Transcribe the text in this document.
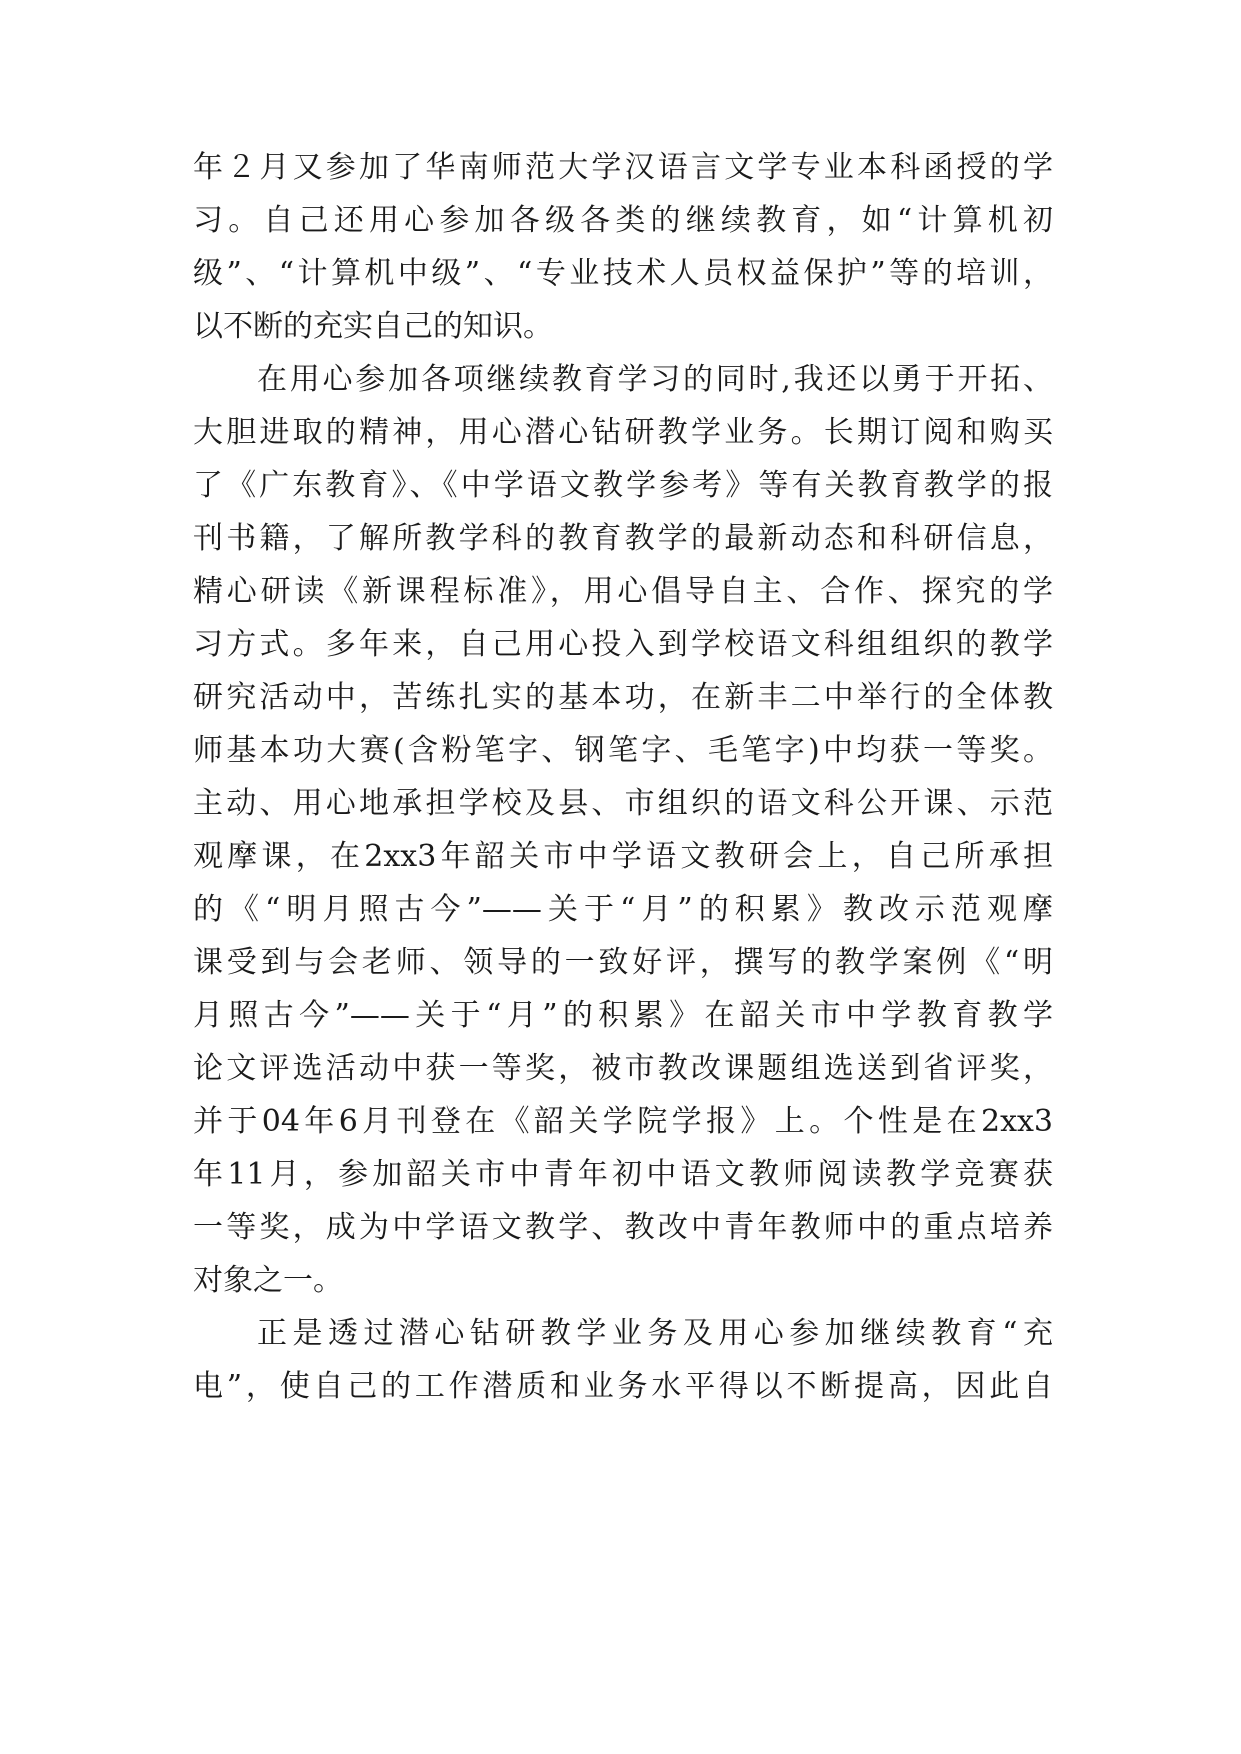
年２月又参加了华南师范大学汉语言文学专业本科函授的学
习。自己还用心参加各级各类的继续教育，如“计算机初
级”、“计算机中级”、“专业技术人员权益保护”等的培训，
以不断的充实自己的知识。
在用心参加各项继续教育学习的同时,我还以勇于开拓、
大胆进取的精神，用心潜心钻研教学业务。长期订阅和购买
了《广东教育》、《中学语文教学参考》等有关教育教学的报
刊书籍，了解所教学科的教育教学的最新动态和科研信息，
精心研读《新课程标准》，用心倡导自主、合作、探究的学
习方式。多年来，自己用心投入到学校语文科组组织的教学
研究活动中，苦练扎实的基本功，在新丰二中举行的全体教
师基本功大赛(含粉笔字、钢笔字、毛笔字)中均获一等奖。
主动、用心地承担学校及县、市组织的语文科公开课、示范
观摩课，在2xx3年韶关市中学语文教研会上，自己所承担
的《“明月照古今”——关于“月”的积累》教改示范观摩
课受到与会老师、领导的一致好评，撰写的教学案例《“明
月照古今”——关于“月”的积累》在韶关市中学教育教学
论文评选活动中获一等奖，被市教改课题组选送到省评奖，
并于04年6月刊登在《韶关学院学报》上。个性是在2xx3
年11月，参加韶关市中青年初中语文教师阅读教学竞赛获
一等奖，成为中学语文教学、教改中青年教师中的重点培养
对象之一。
正是透过潜心钻研教学业务及用心参加继续教育“充
电”，使自己的工作潜质和业务水平得以不断提高，因此自
